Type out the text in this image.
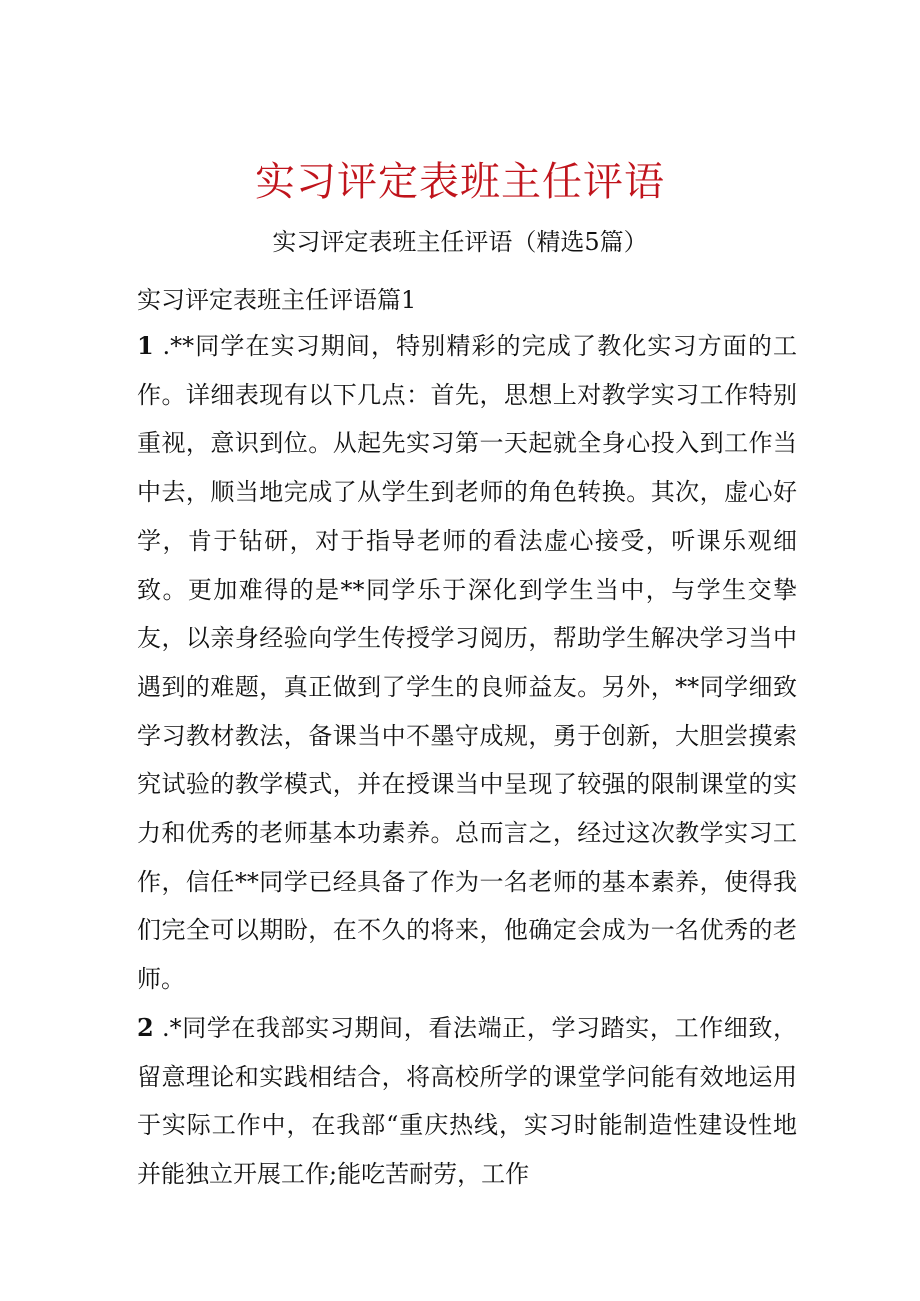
实习评定表班主任评语
实习评定表班主任评语（精选5篇）
实习评定表班主任评语篇1

1 .**同学在实习期间，特别精彩的完成了教化实习方面的工作。详细表现有以下几点：首先，思想上对教学实习工作特别重视，意识到位。从起先实习第一天起就全身心投入到工作当中去，顺当地完成了从学生到老师的角色转换。其次，虚心好学，肯于钻研，对于指导老师的看法虚心接受，听课乐观细致。更加难得的是**同学乐于深化到学生当中，与学生交挚友，以亲身经验向学生传授学习阅历，帮助学生解决学习当中遇到的难题，真正做到了学生的良师益友。另外，**同学细致学习教材教法，备课当中不墨守成规，勇于创新，大胆尝摸索究试验的教学模式，并在授课当中呈现了较强的限制课堂的实力和优秀的老师基本功素养。总而言之，经过这次教学实习工作，信任**同学已经具备了作为一名老师的基本素养，使得我们完全可以期盼，在不久的将来，他确定会成为一名优秀的老师。

2 .*同学在我部实习期间，看法端正，学习踏实，工作细致，留意理论和实践相结合，将高校所学的课堂学问能有效地运用于实际工作中，在我部“重庆热线，实习时能制造性建设性地并能独立开展工作;能吃苦耐劳，工作
